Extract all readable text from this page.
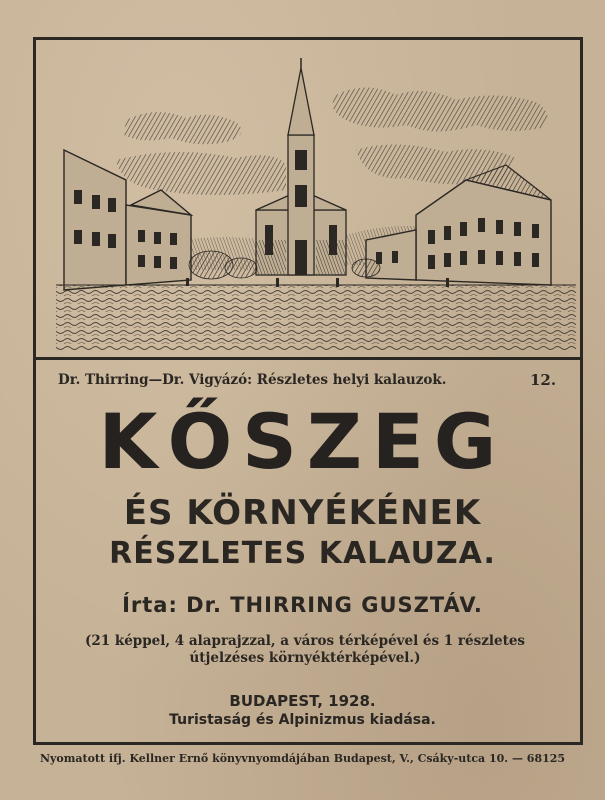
Dr. Thirring—Dr. Vigyázó: Részletes helyi kalauzok.	12.
KŐSZEG
ÉS KÖRNYÉKÉNEK
RÉSZLETES KALAUZA.
Írta: Dr. THIRRING GUSZTÁV.
(21 képpel, 4 alaprajzzal, a város térképével és 1 részletes
útjelzéses környéktérképével.)
BUDAPEST, 1928.
Turistaság és Alpinizmus kiadása.
Nyomatott ifj. Kellner Ernő könyvnyomdájában Budapest, V., Csáky-utca 10. — 68125
